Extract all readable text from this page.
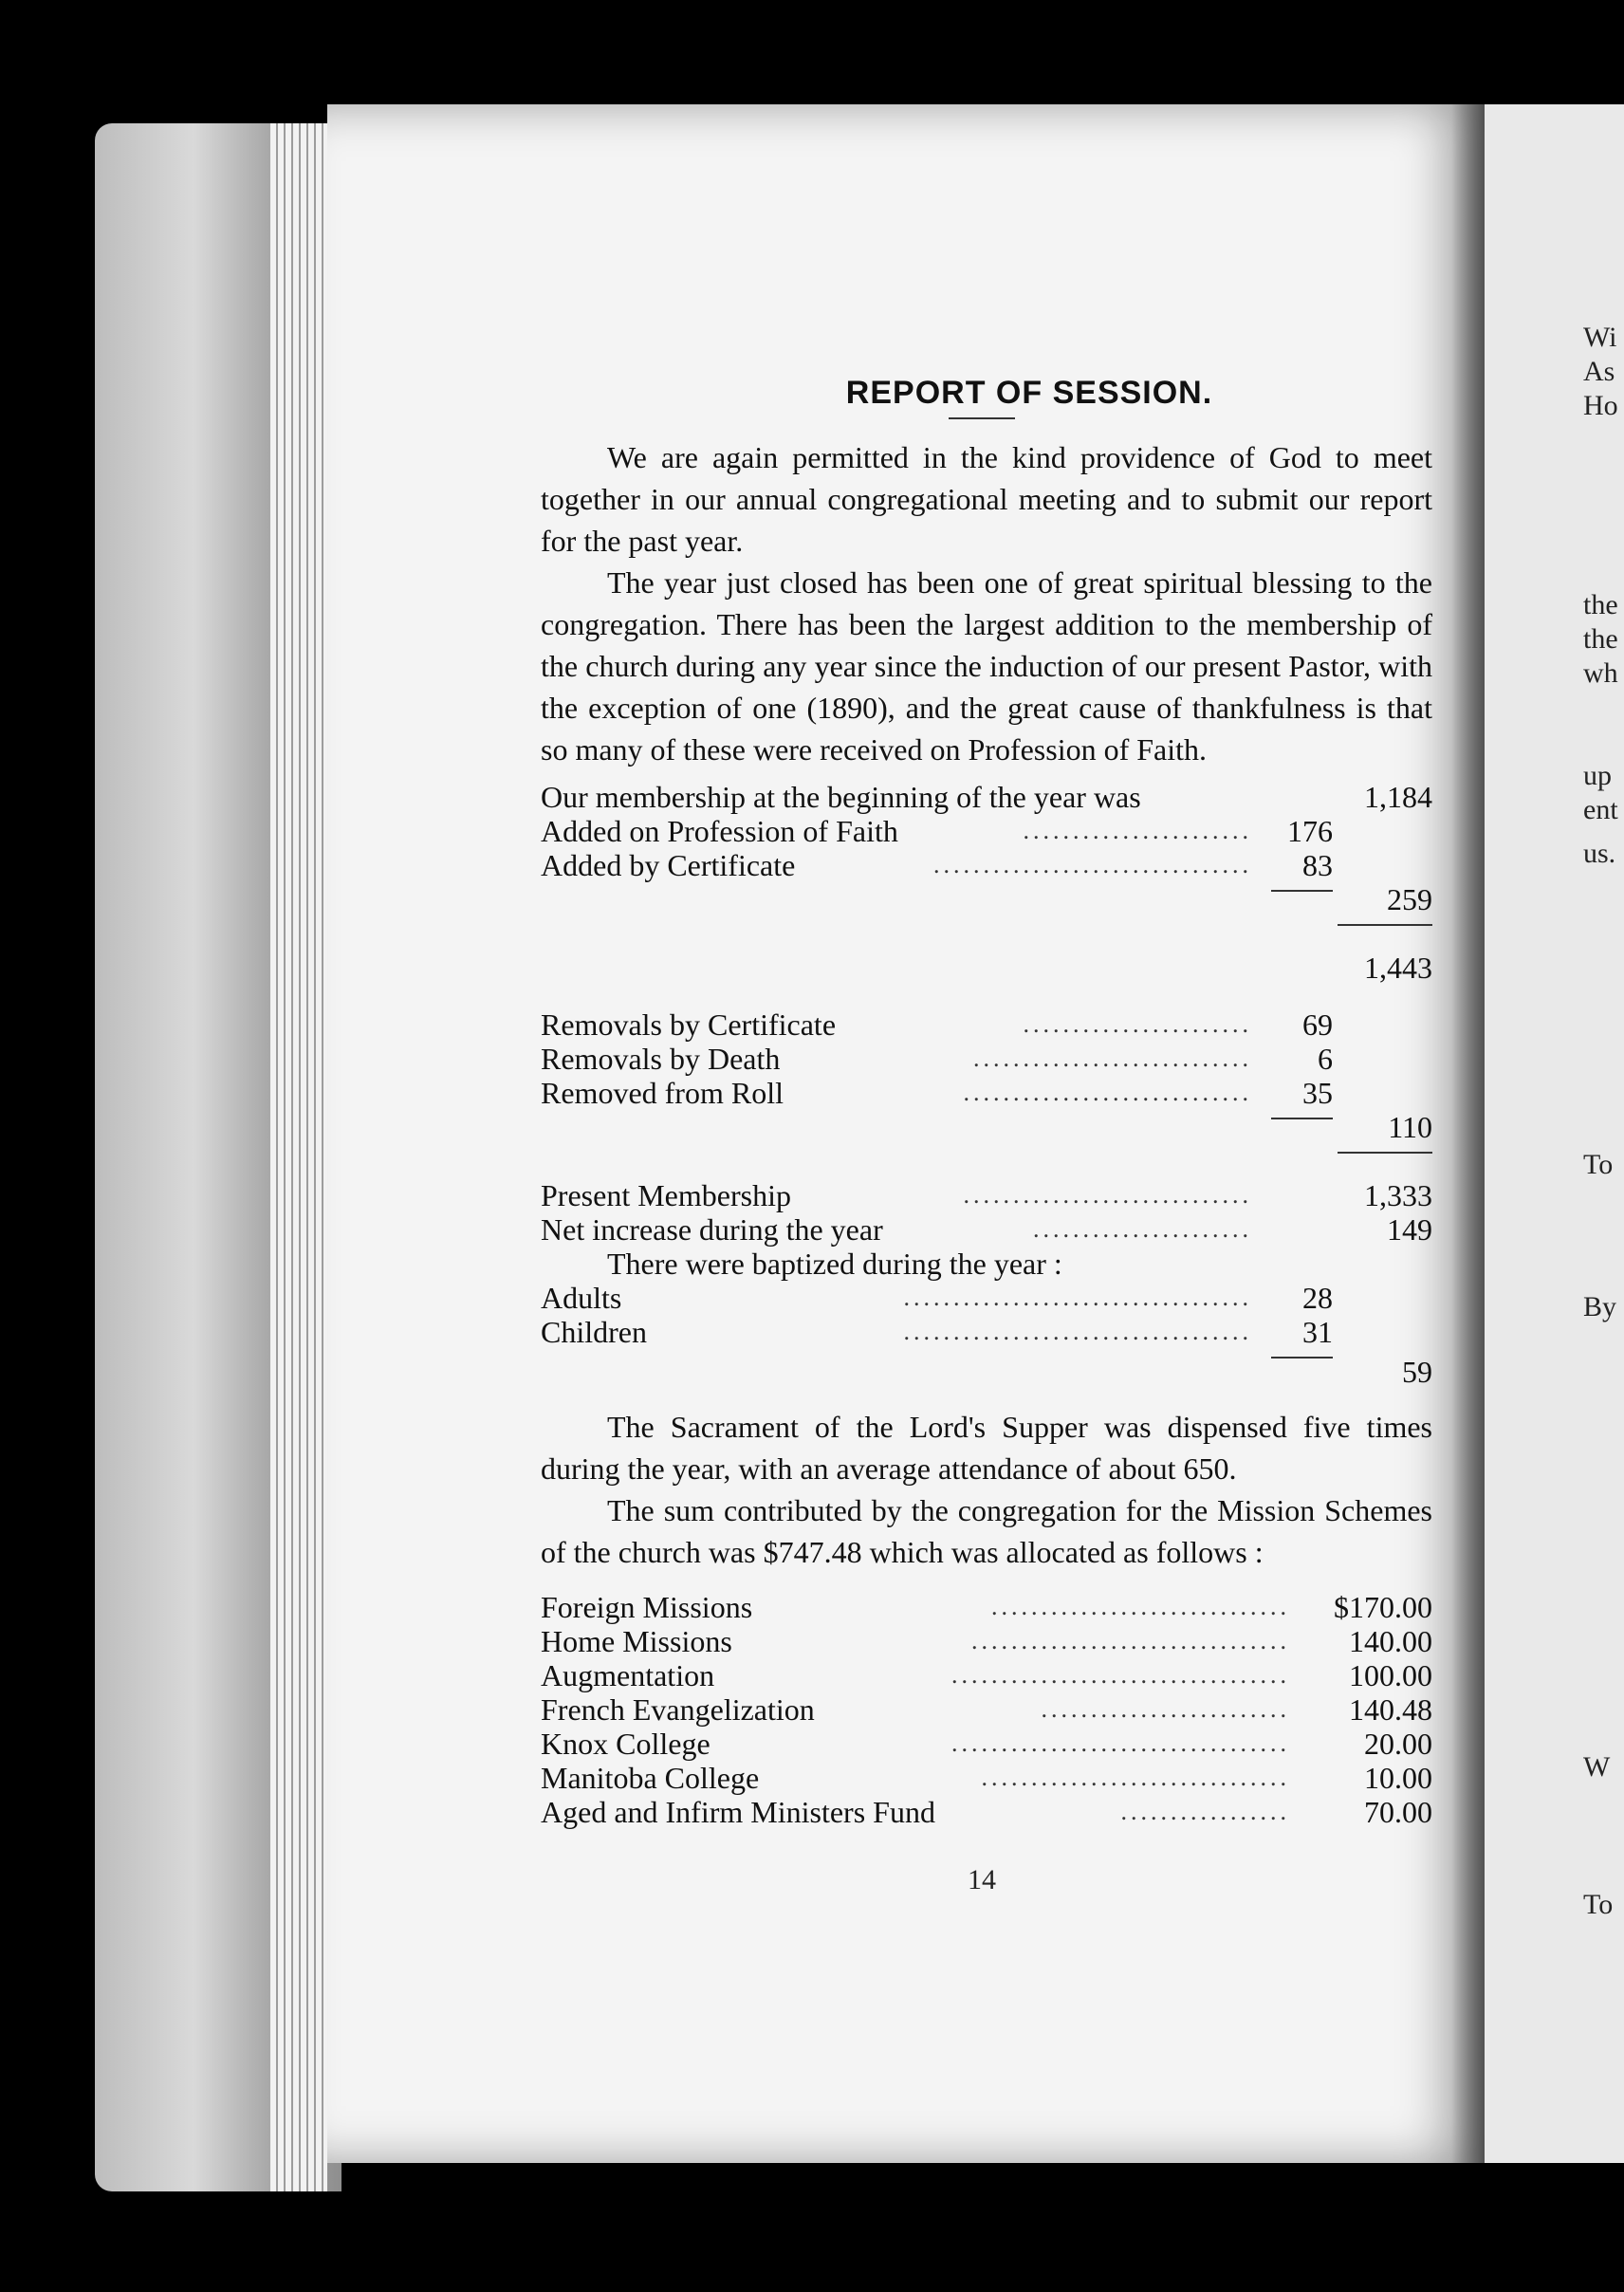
Wi
As
Ho
the
the
wh
up
ent
us.
To
By
W
To
REPORT OF SESSION.

We are again permitted in the kind providence of God to meet together in our annual congregational meeting and to submit our report for the past year.

The year just closed has been one of great spiritual blessing to the congregation. There has been the largest addition to the membership of the church during any year since the induction of our present Pastor, with the exception of one (1890), and the great cause of thankfulness is that so many of these were received on Profession of Faith.

Our membership at the beginning of the year was	1,184
Added on Profession of Faith	....................... 176
Added by Certificate	................................ 83
259
1,443
Removals by Certificate	....................... 69
Removals by Death	............................ 6
Removed from Roll	............................. 35
110
Present Membership	.............................	1,333
Net increase during the year	......................	149
There were baptized during the year :
Adults	................................... 28
Children	................................... 31
59

The Sacrament of the Lord's Supper was dispensed five times during the year, with an average attendance of about 650.

The sum contributed by the congregation for the Mission Schemes of the church was $747.48 which was allocated as follows :

Foreign Missions	.............................. $170.00
Home Missions	................................ 140.00
Augmentation	.................................. 100.00
French Evangelization	......................... 140.48
Knox College	.................................. 20.00
Manitoba College	............................... 10.00
Aged and Infirm Ministers Fund	................. 70.00
14
